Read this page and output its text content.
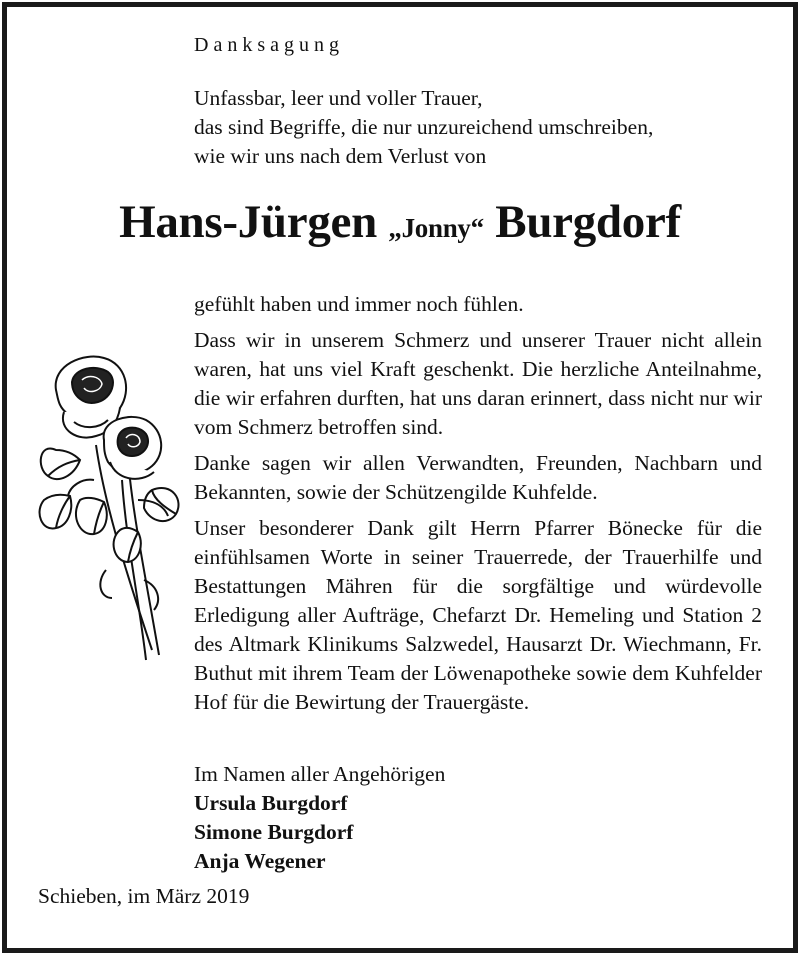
Danksagung
Unfassbar, leer und voller Trauer,
das sind Begriffe, die nur unzureichend umschreiben,
wie wir uns nach dem Verlust von
Hans-Jürgen „Jonny“ Burgdorf

gefühlt haben und immer noch fühlen.

Dass wir in unserem Schmerz und unserer Trauer nicht allein waren, hat uns viel Kraft geschenkt. Die herzliche Anteilnahme, die wir erfahren durften, hat uns daran erinnert, dass nicht nur wir vom Schmerz betroffen sind.

Danke sagen wir allen Verwandten, Freunden, Nachbarn und Bekannten, sowie der Schützengilde Kuhfelde.

Unser besonderer Dank gilt Herrn Pfarrer Bönecke für die einfühlsamen Worte in seiner Trauerrede, der Trauerhilfe und Bestattungen Mähren für die sorgfältige und würdevolle Erledigung aller Aufträge, Chefarzt Dr. Hemeling und Station 2 des Altmark Klinikums Salzwedel, Hausarzt Dr. Wiechmann, Fr. Buthut mit ihrem Team der Löwenapotheke sowie dem Kuhfelder Hof für die Bewirtung der Trauergäste.

Im Namen aller Angehörigen
Ursula Burgdorf
Simone Burgdorf
Anja Wegener
Schieben, im März 2019
